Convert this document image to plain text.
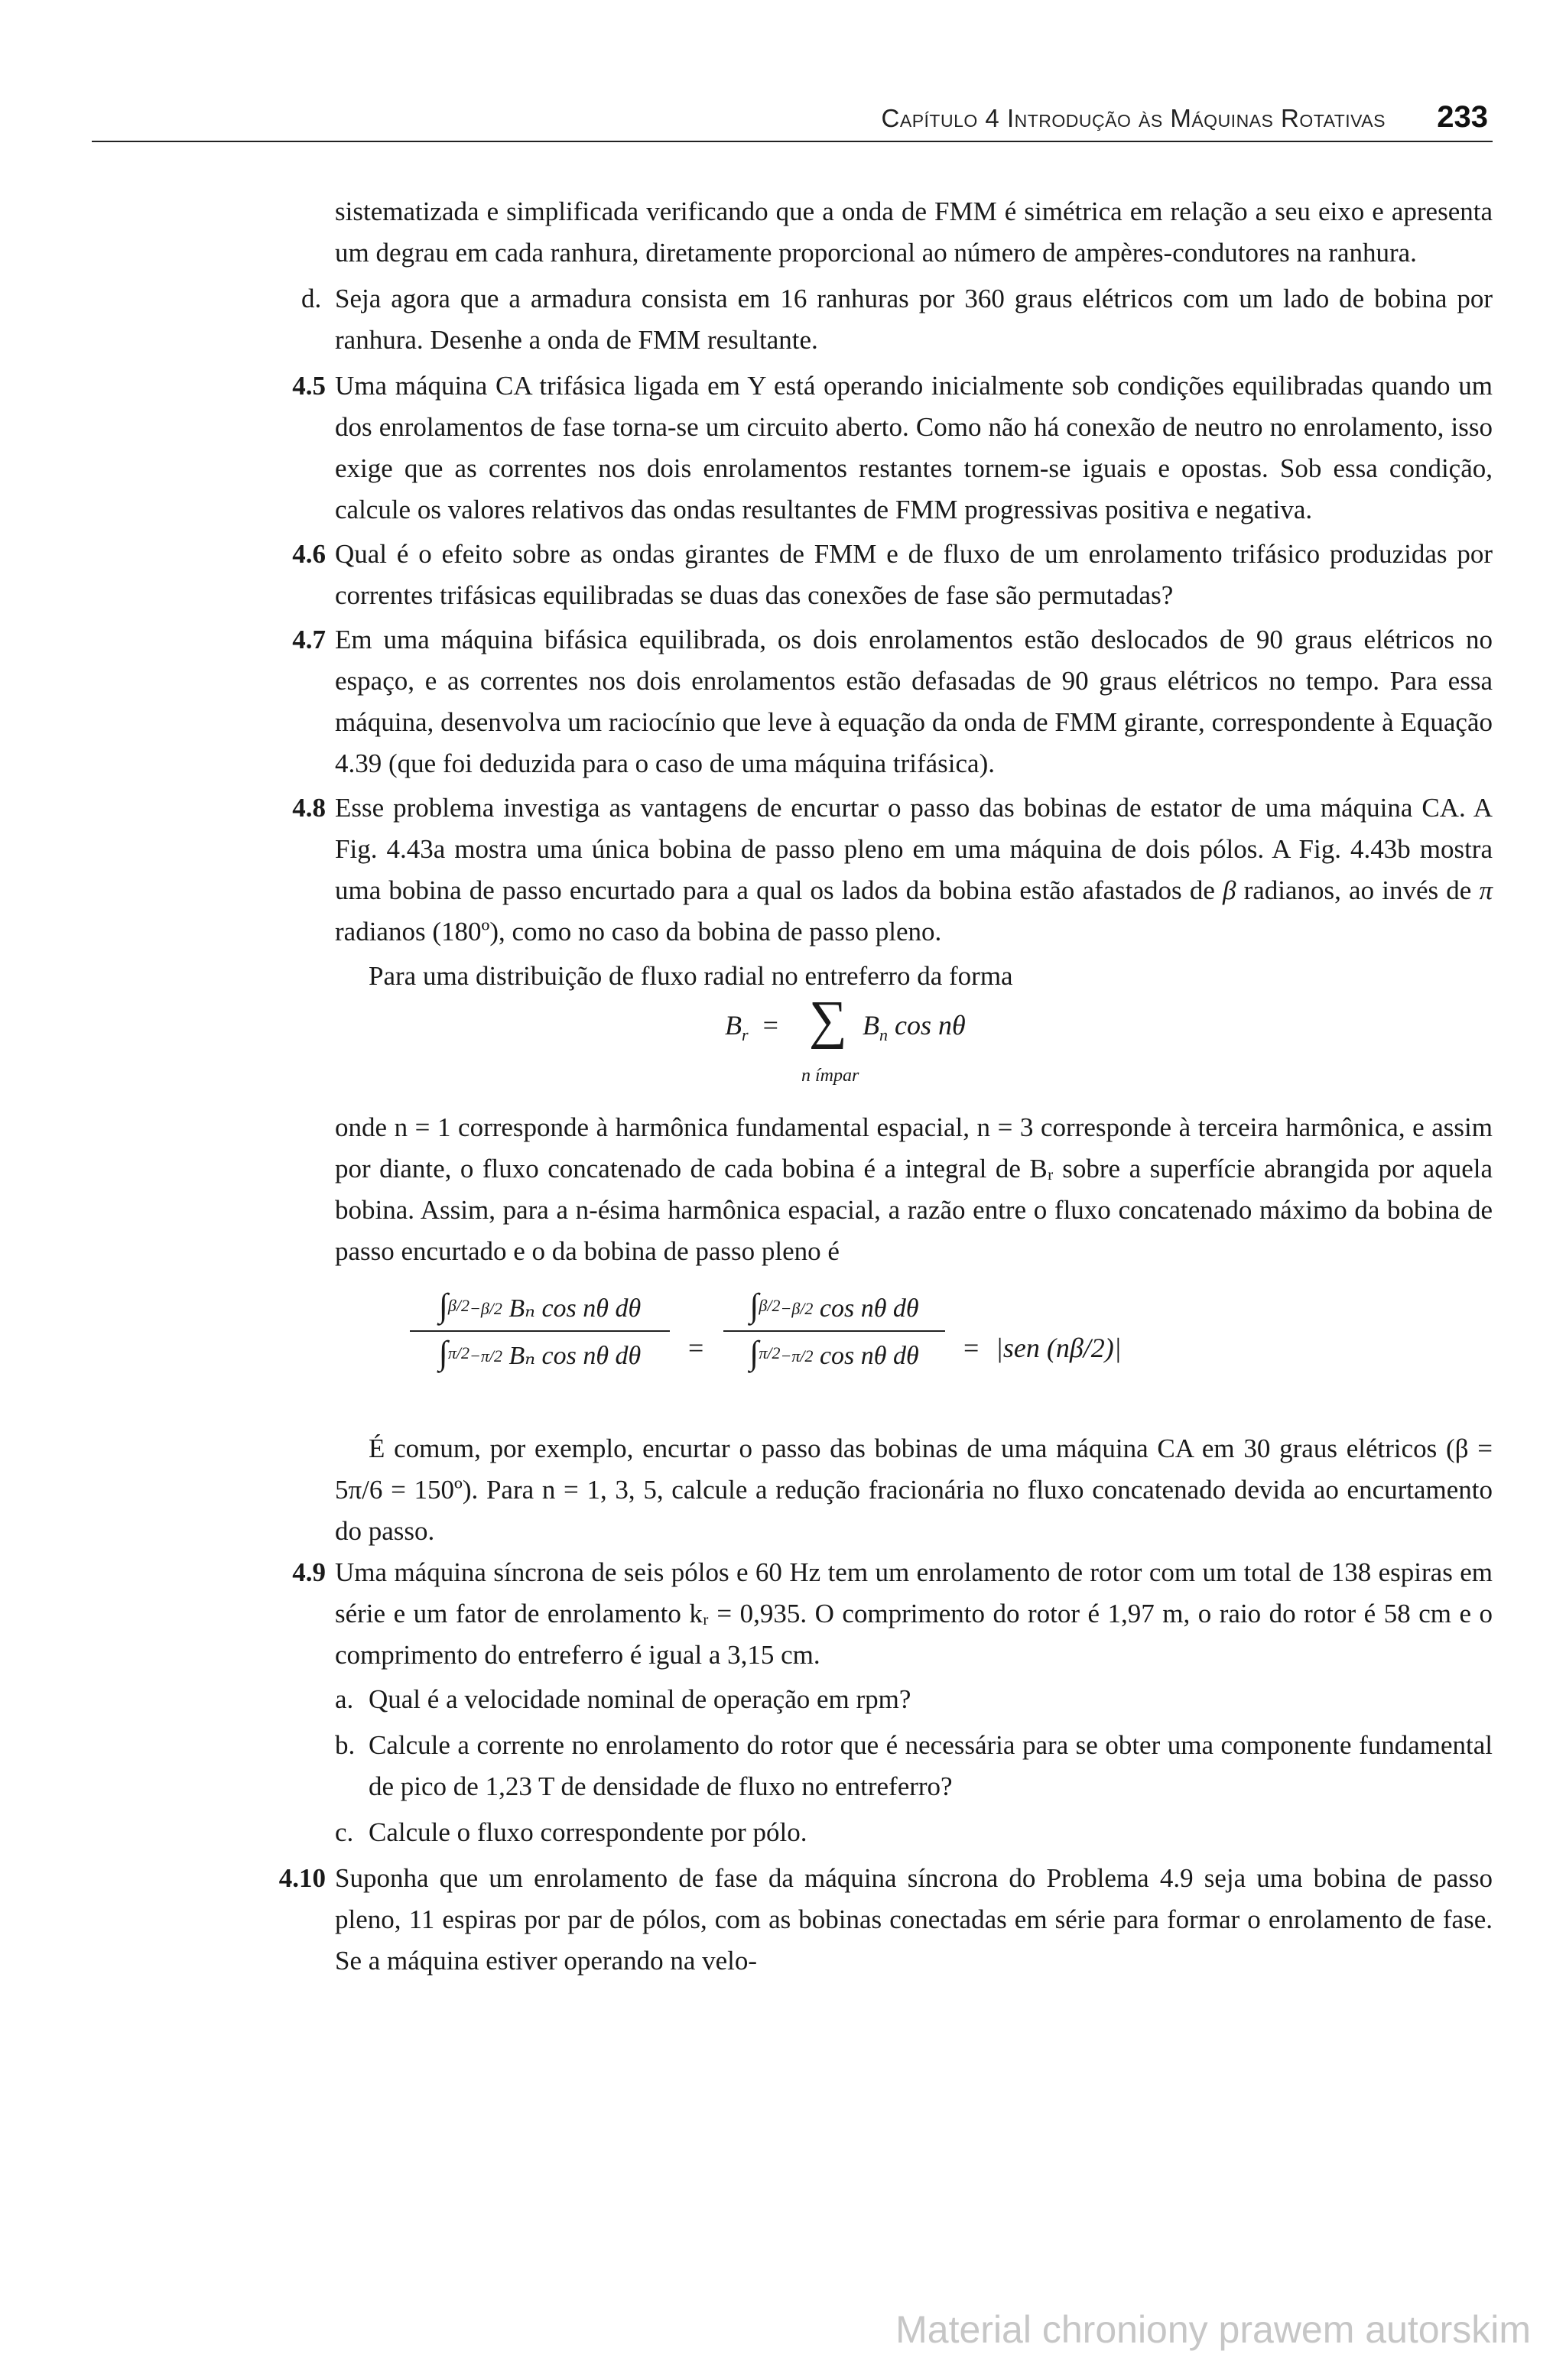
Capítulo 4 Introdução às Máquinas Rotativas 233

sistematizada e simplificada verificando que a onda de FMM é simétrica em relação a seu eixo e apresenta um degrau em cada ranhura, diretamente proporcional ao número de ampères-condutores na ranhura.

d. Seja agora que a armadura consista em 16 ranhuras por 360 graus elétricos com um lado de bobina por ranhura. Desenhe a onda de FMM resultante.
4.5 Uma máquina CA trifásica ligada em Y está operando inicialmente sob condições equilibradas quando um dos enrolamentos de fase torna-se um circuito aberto. Como não há conexão de neutro no enrolamento, isso exige que as correntes nos dois enrolamentos restantes tornem-se iguais e opostas. Sob essa condição, calcule os valores relativos das ondas resultantes de FMM progressivas positiva e negativa.
4.6 Qual é o efeito sobre as ondas girantes de FMM e de fluxo de um enrolamento trifásico produzidas por correntes trifásicas equilibradas se duas das conexões de fase são permutadas?
4.7 Em uma máquina bifásica equilibrada, os dois enrolamentos estão deslocados de 90 graus elétricos no espaço, e as correntes nos dois enrolamentos estão defasadas de 90 graus elétricos no tempo. Para essa máquina, desenvolva um raciocínio que leve à equação da onda de FMM girante, correspondente à Equação 4.39 (que foi deduzida para o caso de uma máquina trifásica).
4.8 Esse problema investiga as vantagens de encurtar o passo das bobinas de estator de uma máquina CA. A Fig. 4.43a mostra uma única bobina de passo pleno em uma máquina de dois pólos. A Fig. 4.43b mostra uma bobina de passo encurtado para a qual os lados da bobina estão afastados de β radianos, ao invés de π radianos (180º), como no caso da bobina de passo pleno.

Para uma distribuição de fluxo radial no entreferro da forma

$B_r$ = ∑
n ímpar
$B_n$ cos nθ

onde n = 1 corresponde à harmônica fundamental espacial, n = 3 corresponde à terceira harmônica, e assim por diante, o fluxo concatenado de cada bobina é a integral de Bᵣ sobre a superfície abrangida por aquela bobina. Assim, para a n-ésima harmônica espacial, a razão entre o fluxo concatenado máximo da bobina de passo encurtado e o da bobina de passo pleno é

∫$^{\beta/2}$−β/2 Bₙ cos nθ dθ
∫$^{\pi/2}$−π/2 Bₙ cos nθ dθ	=
∫$^{\beta/2}$−β/2 cos nθ dθ
∫$^{\pi/2}$−π/2 cos nθ dθ	= |sen (nβ/2)|

É comum, por exemplo, encurtar o passo das bobinas de uma máquina CA em 30 graus elétricos (β = 5π/6 = 150º). Para n = 1, 3, 5, calcule a redução fracionária no fluxo concatenado devida ao encurtamento do passo.

4.9 Uma máquina síncrona de seis pólos e 60 Hz tem um enrolamento de rotor com um total de 138 espiras em série e um fator de enrolamento kᵣ = 0,935. O comprimento do rotor é 1,97 m, o raio do rotor é 58 cm e o comprimento do entreferro é igual a 3,15 cm.
a. Qual é a velocidade nominal de operação em rpm?
b. Calcule a corrente no enrolamento do rotor que é necessária para se obter uma componente fundamental de pico de 1,23 T de densidade de fluxo no entreferro?
c. Calcule o fluxo correspondente por pólo.
4.10 Suponha que um enrolamento de fase da máquina síncrona do Problema 4.9 seja uma bobina de passo pleno, 11 espiras por par de pólos, com as bobinas conectadas em série para formar o enrolamento de fase. Se a máquina estiver operando na velo-
Material chroniony prawem autorskim
